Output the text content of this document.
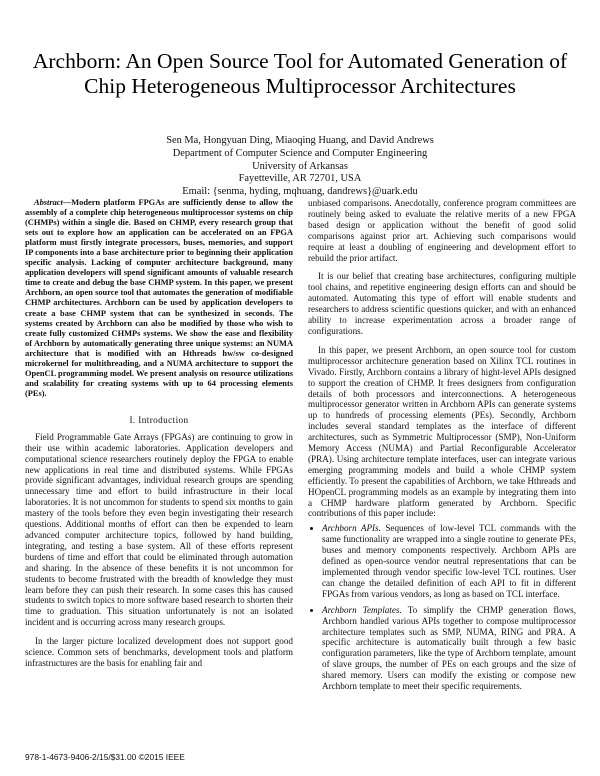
Archborn: An Open Source Tool for Automated Generation of
Chip Heterogeneous Multiprocessor Architectures
Sen Ma, Hongyuan Ding, Miaoqing Huang, and David Andrews
Department of Computer Science and Computer Engineering
University of Arkansas
Fayetteville, AR 72701, USA
Email: {senma, hyding, mqhuang, dandrews}@uark.edu

Abstract—Modern platform FPGAs are sufficiently dense to allow the assembly of a complete chip heterogeneous multiprocessor systems on chip (CHMPs) within a single die. Based on CHMP, every research group that sets out to explore how an application can be accelerated on an FPGA platform must firstly integrate processors, buses, memories, and support IP components into a base architecture prior to beginning their application specific analysis. Lacking of computer architecture background, many application developers will spend significant amounts of valuable research time to create and debug the base CHMP system. In this paper, we present Archborn, an open source tool that automates the generation of modifiable CHMP architectures. Archborn can be used by application developers to create a base CHMP system that can be synthesized in seconds. The systems created by Archborn can also be modified by those who wish to create fully customized CHMPs systems. We show the ease and flexibility of Archborn by automatically generating three unique systems: an NUMA architecture that is modified with an Hthreads hw/sw co-designed microkernel for multithreading, and a NUMA architecture to support the OpenCL programming model. We present analysis on resource utilizations and scalability for creating systems with up to 64 processing elements (PEs).

I. Introduction

Field Programmable Gate Arrays (FPGAs) are continuing to grow in their use within academic laboratories. Application developers and computational science researchers routinely deploy the FPGA to enable new applications in real time and distributed systems. While FPGAs provide significant advantages, individual research groups are spending unnecessary time and effort to build infrastructure in their local laboratories. It is not uncommon for students to spend six months to gain mastery of the tools before they even begin investigating their research questions. Additional months of effort can then be expended to learn advanced computer architecture topics, followed by hand building, integrating, and testing a base system. All of these efforts represent burdens of time and effort that could be eliminated through automation and sharing. In the absence of these benefits it is not uncommon for students to become frustrated with the breadth of knowledge they must learn before they can push their research. In some cases this has caused students to switch topics to more software based research to shorten their time to graduation. This situation unfortunately is not an isolated incident and is occurring across many research groups.

In the larger picture localized development does not support good science. Common sets of benchmarks, development tools and platform infrastructures are the basis for enabling fair and

unbiased comparisons. Anecdotally, conference program committees are routinely being asked to evaluate the relative merits of a new FPGA based design or application without the benefit of good solid comparisons against prior art. Achieving such comparisons would require at least a doubling of engineering and development effort to rebuild the prior artifact.

It is our belief that creating base architectures, configuring multiple tool chains, and repetitive engineering design efforts can and should be automated. Automating this type of effort will enable students and researchers to address scientific questions quicker, and with an enhanced ability to increase experimentation across a broader range of configurations.

In this paper, we present Archborn, an open source tool for custom multiprocessor architecture generation based on Xilinx TCL routines in Vivado. Firstly, Archborn contains a library of hight-level APIs designed to support the creation of CHMP. It frees designers from configuration details of both processors and interconnections. A heterogeneous multiprocessor generator written in Archborn APIs can generate systems up to hundreds of processing elements (PEs). Secondly, Archborn includes several standard templates as the interface of different architectures, such as Symmetric Multiprocessor (SMP), Non-Uniform Memory Access (NUMA) and Partial Reconfigurable Accelerator (PRA). Using architecture template interfaces, user can integrate various emerging programming models and build a whole CHMP system efficiently. To present the capabilities of Archborn, we take Hthreads and HOpenCL programming models as an example by integrating them into a CHMP hardware platform generated by Archborn. Specific contributions of this paper include:

• Archborn APIs. Sequences of low-level TCL commands with the same functionality are wrapped into a single routine to generate PEs, buses and memory components respectively. Archborn APIs are defined as open-source vendor neutral representations that can be implemented through vendor specific low-level TCL routines. User can change the detailed definition of each API to fit in different FPGAs from various vendors, as long as based on TCL interface.
• Archborn Templates. To simplify the CHMP generation flows, Archborn handled various APIs together to compose multiprocessor architecture templates such as SMP, NUMA, RING and PRA. A specific architecture is automatically built through a few basic configuration parameters, like the type of Archborn template, amount of slave groups, the number of PEs on each groups and the size of shared memory. Users can modify the existing or compose new Archborn template to meet their specific requirements.
978-1-4673-9406-2/15/$31.00 ©2015 IEEE
